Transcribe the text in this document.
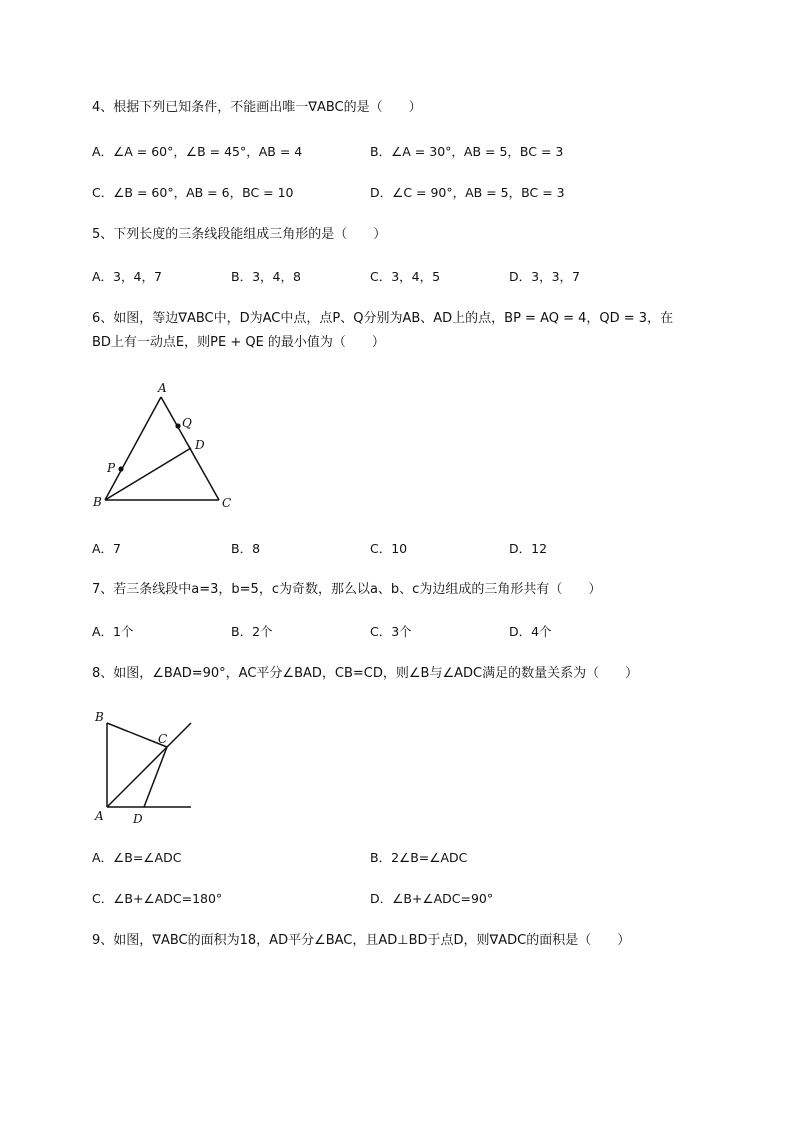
4、根据下列已知条件，不能画出唯一∇ABC的是（　　）
A．∠A = 60°，∠B = 45°，AB = 4	B．∠A = 30°，AB = 5，BC = 3
C．∠B = 60°，AB = 6，BC = 10	D．∠C = 90°，AB = 5，BC = 3
5、下列长度的三条线段能组成三角形的是（　　）
A．3，4，7	B．3，4，8	C．3，4，5	D．3，3，7
6、如图，等边∇ABC中，D为AC中点，点P、Q分别为AB、AD上的点，BP = AQ = 4，QD = 3，在
BD上有一动点E，则PE + QE 的最小值为（　　）
A
Q
D
P
B	C
A．7	B．8	C．10	D．12
7、若三条线段中a=3，b=5，c为奇数，那么以a、b、c为边组成的三角形共有（　　）
A．1个	B．2个	C．3个	D．4个
8、如图，∠BAD=90°，AC平分∠BAD，CB=CD，则∠B与∠ADC满足的数量关系为（　　）
B
C
A D
A．∠B=∠ADC	B．2∠B=∠ADC
C．∠B+∠ADC=180°	D．∠B+∠ADC=90°
9、如图，∇ABC的面积为18，AD平分∠BAC，且AD⊥BD于点D，则∇ADC的面积是（　　）
